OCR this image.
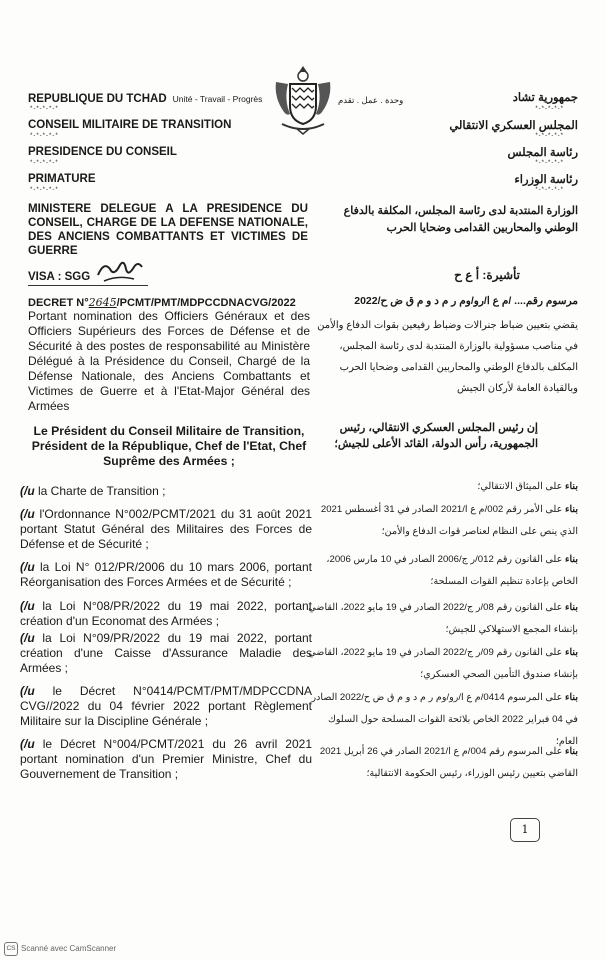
REPUBLIQUE DU TCHAD Unité - Travail - Progrès
*-*-*-*-*
CONSEIL MILITAIRE DE TRANSITION
*-*-*-*-*
PRESIDENCE DU CONSEIL
*-*-*-*-*
PRIMATURE
*-*-*-*-*
وحدة . عمل . تقدم	جمهورية تشاد
*-*-*-*-*
المجلس العسكري الانتقالي
*-*-*-*-*
رئاسة المجلس
*-*-*-*-*
رئاسة الوزراء
*-*-*-*-*
MINISTERE DELEGUE A LA PRESIDENCE DU CONSEIL, CHARGE DE LA DEFENSE NATIONALE, DES ANCIENS COMBATTANTS ET VICTIMES DE GUERRE
الوزارة المنتدبة لدى رئاسة المجلس، المكلفة بالدفاع الوطني والمحاربين القدامى وضحايا الحرب
VISA : SGG	تأشيرة: أ ع ح
DECRET N°2645/PCMT/PMT/MDPCCDNACVG/2022
Portant nomination des Officiers Généraux et des Officiers Supérieurs des Forces de Défense et de Sécurité à des postes de responsabilité au Ministère Délégué à la Présidence du Conseil, Chargé de la Défense Nationale, des Anciens Combattants et Victimes de Guerre et à l'Etat-Major Général des Armées
مرسوم رقم.... /م ع ا/رو/وم ر م د و م ق ض ح/2022
يقضي بتعيين ضباط جنرالات وضباط رفيعين بقوات الدفاع والأمن في مناصب مسؤولية بالوزارة المنتدبة لدى رئاسة المجلس، المكلف بالدفاع الوطني والمحاربين القدامى وضحايا الحرب وبالقيادة العامة لأركان الجيش
Le Président du Conseil Militaire de Transition, Président de la République, Chef de l'Etat, Chef Suprême des Armées ;
إن رئيس المجلس العسكري الانتقالي، رئيس الجمهورية، رأس الدولة، القائد الأعلى للجيش؛
(/u la Charte de Transition ;
(/u l'Ordonnance N°002/PCMT/2021 du 31 août 2021 portant Statut Général des Militaires des Forces de Défense et de Sécurité ;
(/u la Loi N° 012/PR/2006 du 10 mars 2006, portant Réorganisation des Forces Armées et de Sécurité ;
(/u la Loi N°08/PR/2022 du 19 mai 2022, portant création d'un Economat des Armées ;
(/u la Loi N°09/PR/2022 du 19 mai 2022, portant création d'une Caisse d'Assurance Maladie des Armées ;
(/u le Décret N°0414/PCMT/PMT/MDPCCDNA CVG//2022 du 04 février 2022 portant Règlement Militaire sur la Discipline Générale ;
(/u le Décret N°004/PCMT/2021 du 26 avril 2021 portant nomination d'un Premier Ministre, Chef du Gouvernement de Transition ;
بناء على الميثاق الانتقالي؛
بناء على الأمر رقم 002/م ع ا/2021 الصادر في 31 أغسطس 2021 الذي ينص على النظام لعناصر قوات الدفاع والأمن؛
بناء على القانون رقم 012/ر ج/2006 الصادر في 10 مارس 2006، الخاص بإعادة تنظيم القوات المسلحة؛
بناء على القانون رقم 08/ر ج/2022 الصادر في 19 مايو 2022، القاضي بإنشاء المجمع الاستهلاكي للجيش؛
بناء على القانون رقم 09/ر ج/2022 الصادر في 19 مايو 2022، القاضي بإنشاء صندوق التأمين الصحي العسكري؛
بناء على المرسوم 0414/م ع ا/رو/وم ر م د و م ق ض ح/2022 الصادر في 04 فبراير 2022 الخاص بلائحة القوات المسلحة حول السلوك العام؛
بناء على المرسوم رقم 004/م ع ا/2021 الصادر في 26 أبريل 2021 القاضي بتعيين رئيس الوزراء، رئيس الحكومة الانتقالية؛
1
CS Scanné avec CamScanner
